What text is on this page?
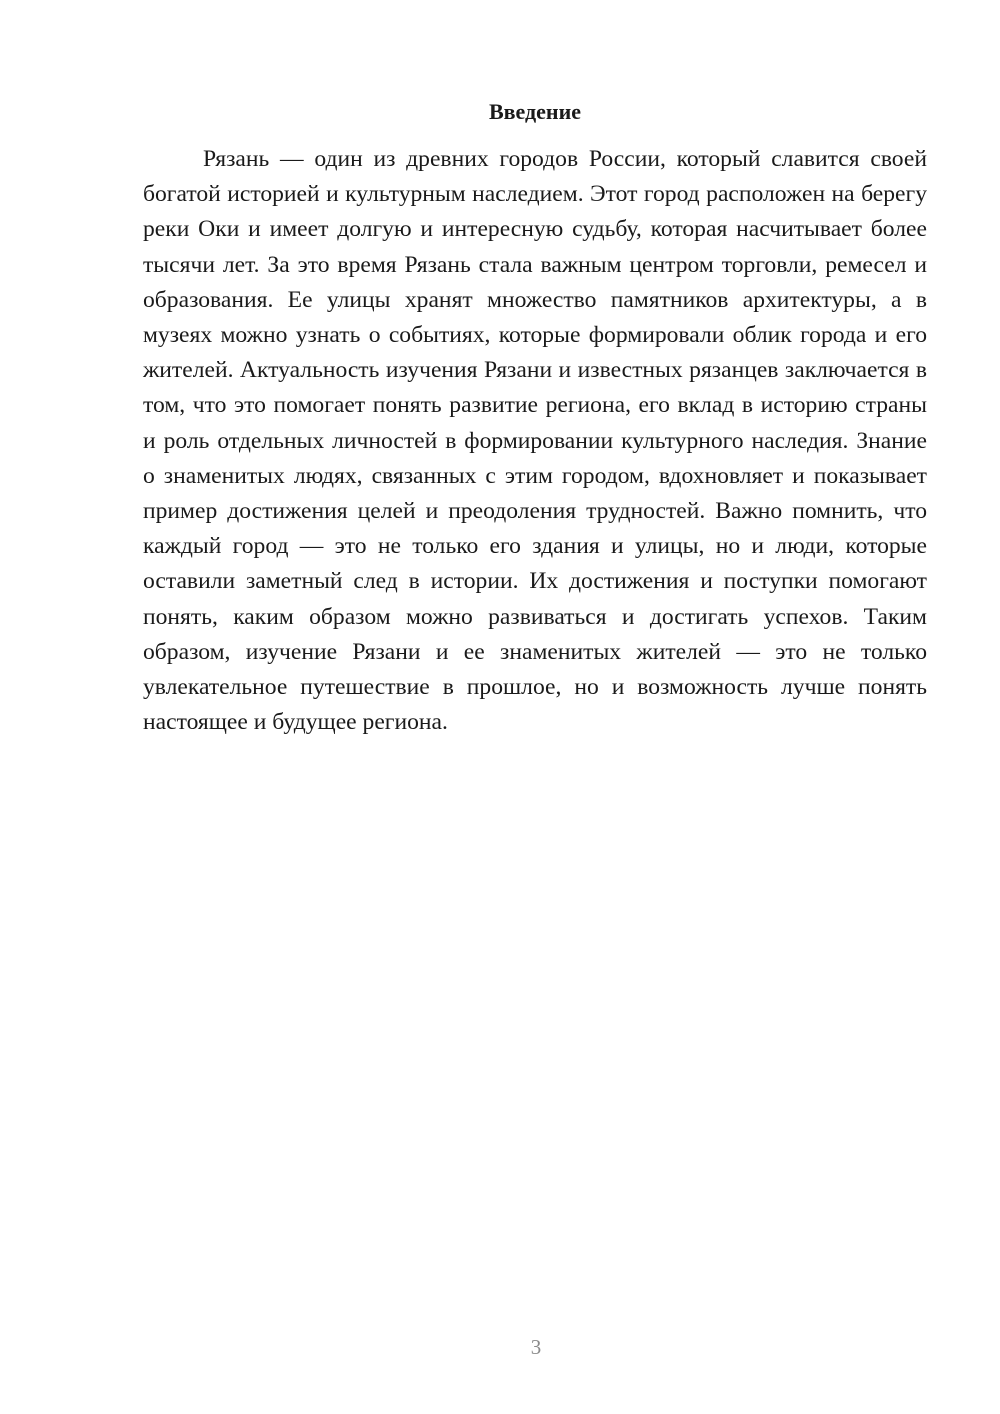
Введение

Рязань — один из древних городов России, который славится своей богатой историей и культурным наследием. Этот город расположен на берегу реки Оки и имеет долгую и интересную судьбу, которая насчитывает более тысячи лет. За это время Рязань стала важным центром торговли, ремесел и образования. Ее улицы хранят множество памятников архитектуры, а в музеях можно узнать о событиях, которые формировали облик города и его жителей. Актуальность изучения Рязани и известных рязанцев заключается в том, что это помогает понять развитие региона, его вклад в историю страны и роль отдельных личностей в формировании культурного наследия. Знание о знаменитых людях, связанных с этим городом, вдохновляет и показывает пример достижения целей и преодоления трудностей. Важно помнить, что каждый город — это не только его здания и улицы, но и люди, которые оставили заметный след в истории. Их достижения и поступки помогают понять, каким образом можно развиваться и достигать успехов. Таким образом, изучение Рязани и ее знаменитых жителей — это не только увлекательное путешествие в прошлое, но и возможность лучше понять настоящее и будущее региона.

3
